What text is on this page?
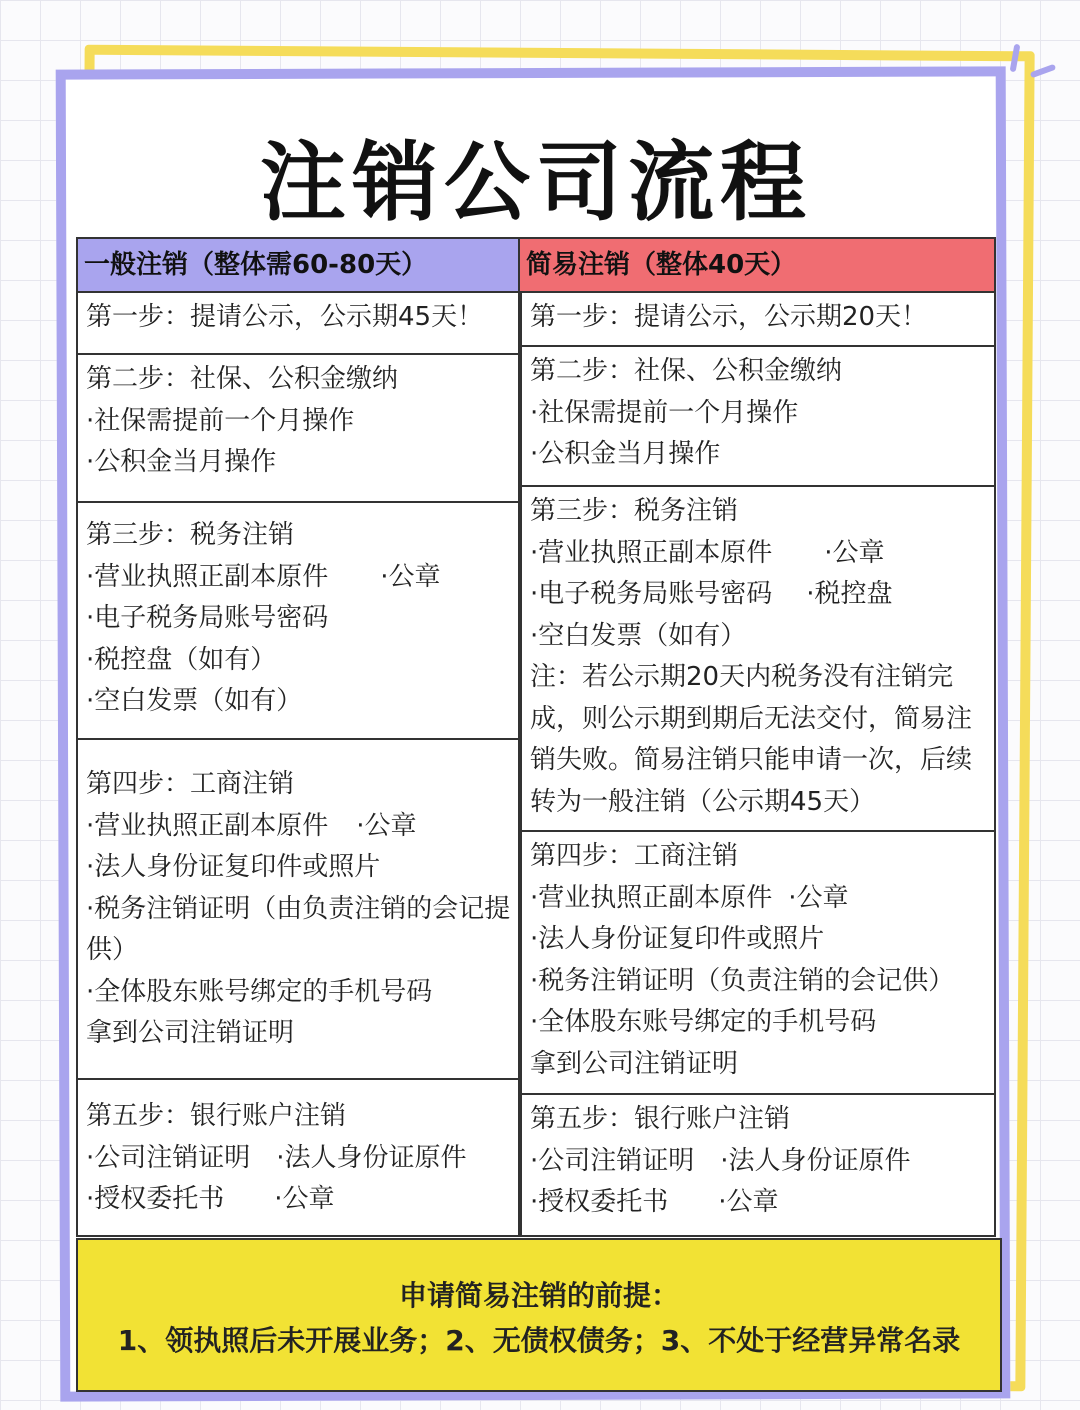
注销公司流程
一般注销（整体需60-80天）
第一步：提请公示，公示期45天！
第二步：社保、公积金缴纳
·社保需提前一个月操作
·公积金当月操作
第三步：税务注销
·营业执照正副本原件 ·公章
·电子税务局账号密码
·税控盘（如有）
·空白发票（如有）
第四步：工商注销
·营业执照正副本原件 ·公章
·法人身份证复印件或照片
·税务注销证明（由负责注销的会记提供）
·全体股东账号绑定的手机号码
拿到公司注销证明
第五步：银行账户注销
·公司注销证明 ·法人身份证原件
·授权委托书 ·公章
简易注销（整体40天）
第一步：提请公示，公示期20天！
第二步：社保、公积金缴纳
·社保需提前一个月操作
·公积金当月操作
第三步：税务注销
·营业执照正副本原件 ·公章
·电子税务局账号密码 ·税控盘
·空白发票（如有）
注：若公示期20天内税务没有注销完成，则公示期到期后无法交付，简易注销失败。简易注销只能申请一次，后续转为一般注销（公示期45天）
第四步：工商注销
·营业执照正副本原件 ·公章
·法人身份证复印件或照片
·税务注销证明（负责注销的会记供）
·全体股东账号绑定的手机号码
拿到公司注销证明
第五步：银行账户注销
·公司注销证明 ·法人身份证原件
·授权委托书 ·公章
申请简易注销的前提：
1、领执照后未开展业务；2、无债权债务；3、不处于经营异常名录
